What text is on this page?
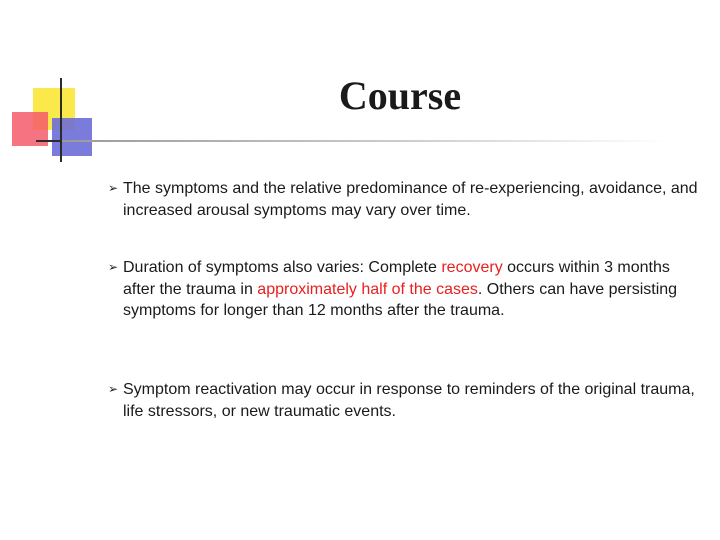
Course
➢ The symptoms and the relative predominance of re-experiencing, avoidance, and increased arousal symptoms may vary over time.
➢ Duration of symptoms also varies: Complete recovery occurs within 3 months after the trauma in approximately half of the cases. Others can have persisting symptoms for longer than 12 months after the trauma.
➢ Symptom reactivation may occur in response to reminders of the original trauma, life stressors, or new traumatic events.
